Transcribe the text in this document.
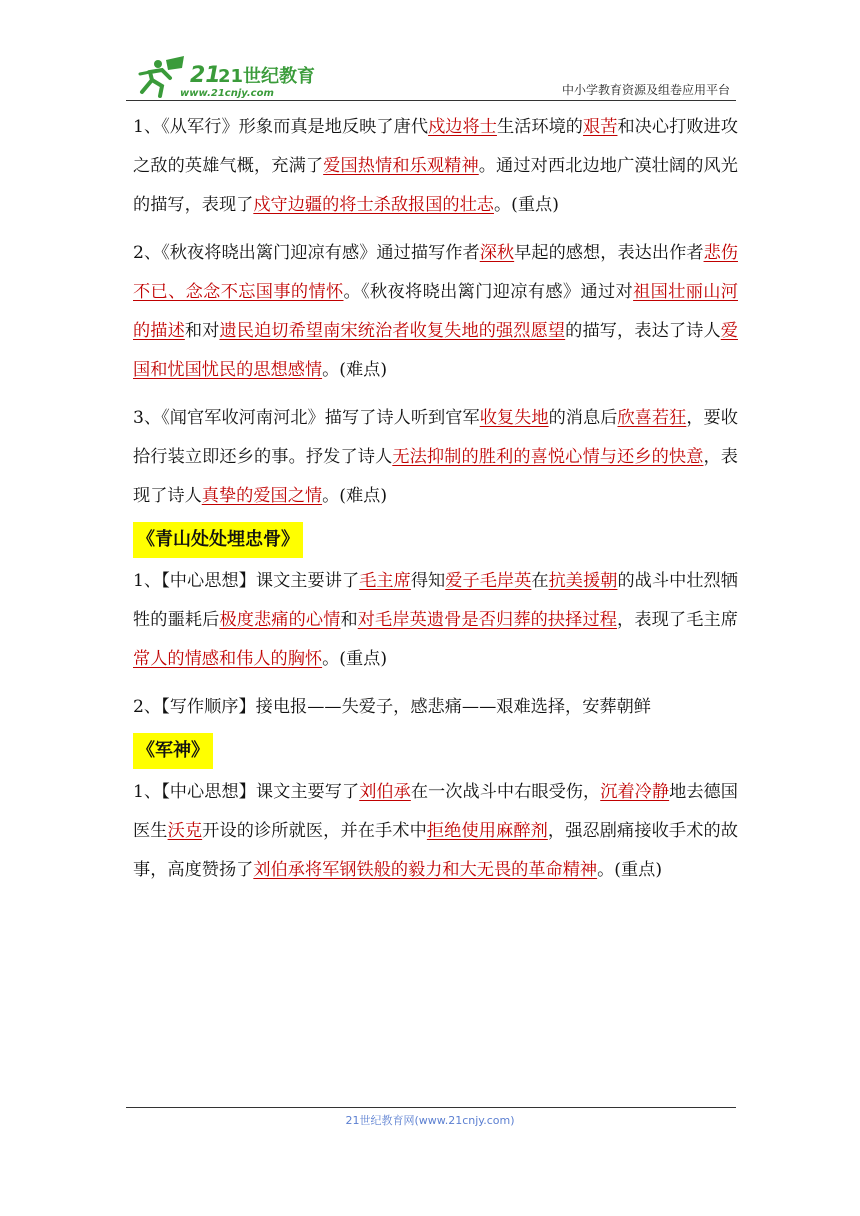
21
21世纪教育
www.21cnjy.com	中小学教育资源及组卷应用平台

1、《从军行》形象而真是地反映了唐代戍边将士生活环境的艰苦和决心打败进攻之敌的英雄气概，充满了爱国热情和乐观精神。通过对西北边地广漠壮阔的风光的描写，表现了戍守边疆的将士杀敌报国的壮志。(重点)

2、《秋夜将晓出篱门迎凉有感》通过描写作者深秋早起的感想，表达出作者悲伤不已、念念不忘国事的情怀。《秋夜将晓出篱门迎凉有感》通过对祖国壮丽山河的描述和对遗民迫切希望南宋统治者收复失地的强烈愿望的描写，表达了诗人爱国和忧国忧民的思想感情。(难点)

3、《闻官军收河南河北》描写了诗人听到官军收复失地的消息后欣喜若狂，要收拾行装立即还乡的事。抒发了诗人无法抑制的胜利的喜悦心情与还乡的快意，表现了诗人真挚的爱国之情。(难点)

《青山处处埋忠骨》

1、【中心思想】课文主要讲了毛主席得知爱子毛岸英在抗美援朝的战斗中壮烈牺牲的噩耗后极度悲痛的心情和对毛岸英遗骨是否归葬的抉择过程，表现了毛主席常人的情感和伟人的胸怀。(重点)

2、【写作顺序】接电报——失爱子，感悲痛——艰难选择，安葬朝鲜

《军神》

1、【中心思想】课文主要写了刘伯承在一次战斗中右眼受伤，沉着冷静地去德国医生沃克开设的诊所就医，并在手术中拒绝使用麻醉剂，强忍剧痛接收手术的故事，高度赞扬了刘伯承将军钢铁般的毅力和大无畏的革命精神。(重点)

21世纪教育网(www.21cnjy.com)
